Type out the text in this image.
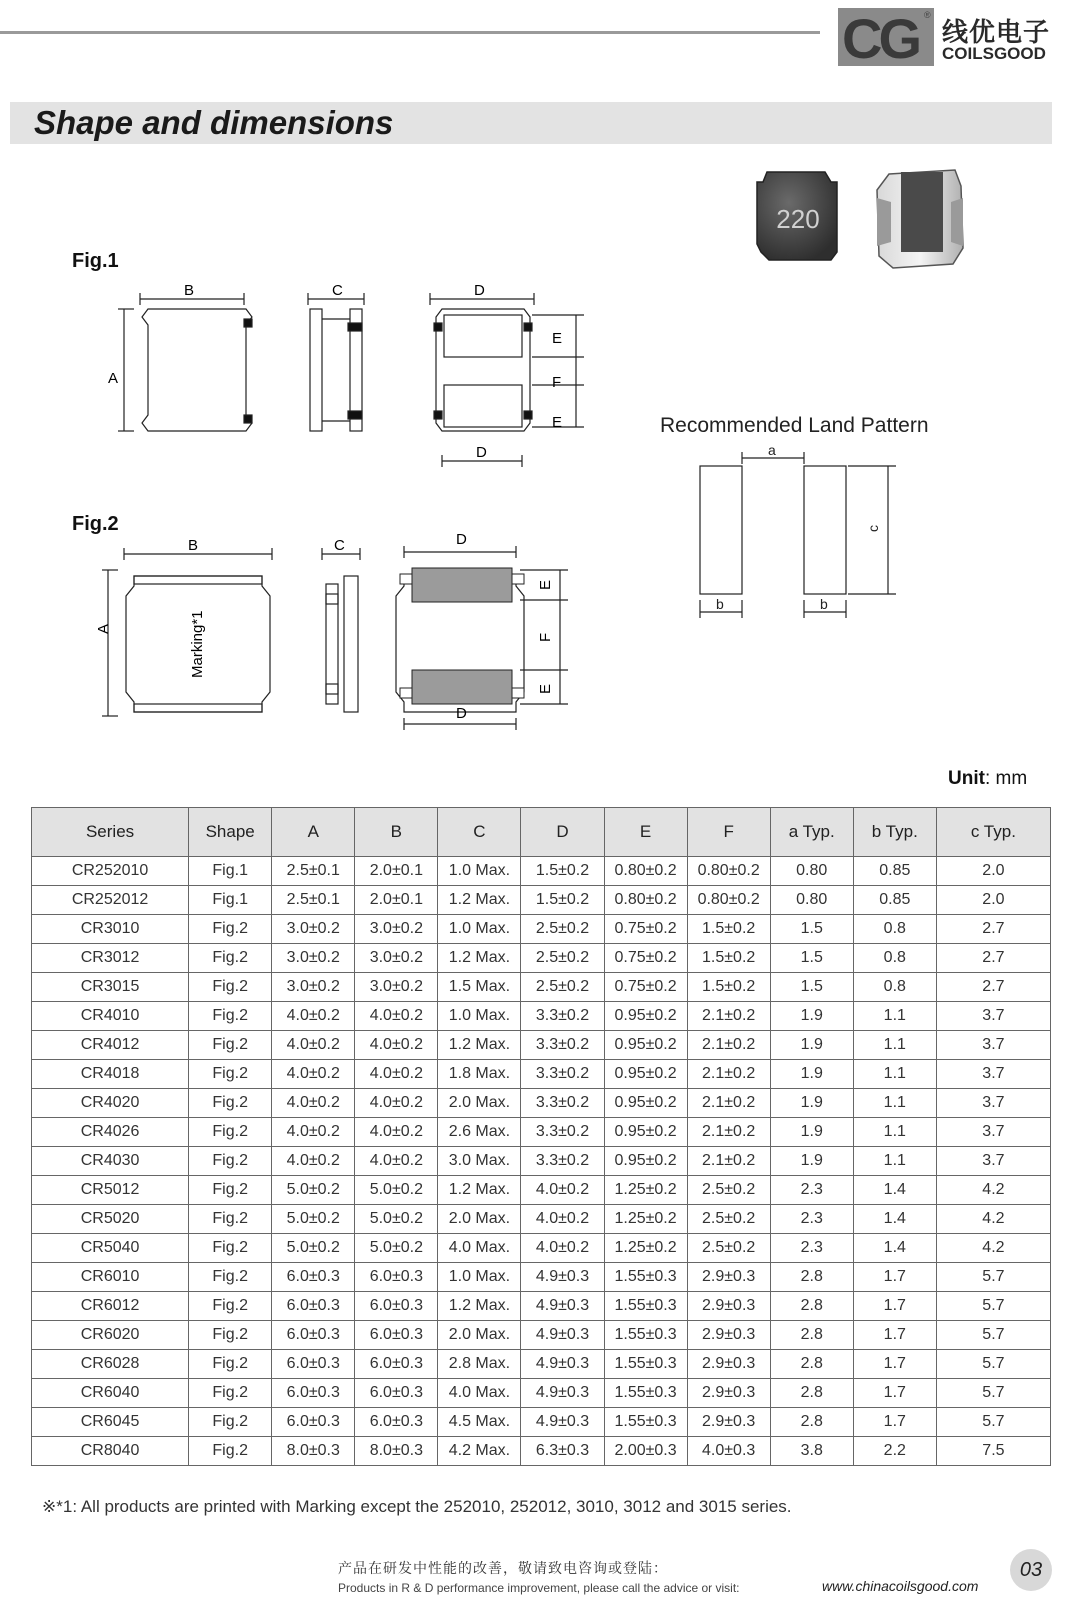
CG ®
线优电子
COILSGOOD
Shape and dimensions
220
Fig.1
Fig.2
A
B	C	D
D
E
F
E
A
B	C	D
D
Marking*1
E
F
E
Recommended Land Pattern
a
b	b
c
Unit: mm
Series	Shape	A	B	C	D	E	F	a Typ.	b Typ.	c Typ.
CR252010	Fig.1	2.5±0.1	2.0±0.1	1.0 Max.	1.5±0.2	0.80±0.2	0.80±0.2	0.80	0.85	2.0
CR252012	Fig.1	2.5±0.1	2.0±0.1	1.2 Max.	1.5±0.2	0.80±0.2	0.80±0.2	0.80	0.85	2.0
CR3010	Fig.2	3.0±0.2	3.0±0.2	1.0 Max.	2.5±0.2	0.75±0.2	1.5±0.2	1.5	0.8	2.7
CR3012	Fig.2	3.0±0.2	3.0±0.2	1.2 Max.	2.5±0.2	0.75±0.2	1.5±0.2	1.5	0.8	2.7
CR3015	Fig.2	3.0±0.2	3.0±0.2	1.5 Max.	2.5±0.2	0.75±0.2	1.5±0.2	1.5	0.8	2.7
CR4010	Fig.2	4.0±0.2	4.0±0.2	1.0 Max.	3.3±0.2	0.95±0.2	2.1±0.2	1.9	1.1	3.7
CR4012	Fig.2	4.0±0.2	4.0±0.2	1.2 Max.	3.3±0.2	0.95±0.2	2.1±0.2	1.9	1.1	3.7
CR4018	Fig.2	4.0±0.2	4.0±0.2	1.8 Max.	3.3±0.2	0.95±0.2	2.1±0.2	1.9	1.1	3.7
CR4020	Fig.2	4.0±0.2	4.0±0.2	2.0 Max.	3.3±0.2	0.95±0.2	2.1±0.2	1.9	1.1	3.7
CR4026	Fig.2	4.0±0.2	4.0±0.2	2.6 Max.	3.3±0.2	0.95±0.2	2.1±0.2	1.9	1.1	3.7
CR4030	Fig.2	4.0±0.2	4.0±0.2	3.0 Max.	3.3±0.2	0.95±0.2	2.1±0.2	1.9	1.1	3.7
CR5012	Fig.2	5.0±0.2	5.0±0.2	1.2 Max.	4.0±0.2	1.25±0.2	2.5±0.2	2.3	1.4	4.2
CR5020	Fig.2	5.0±0.2	5.0±0.2	2.0 Max.	4.0±0.2	1.25±0.2	2.5±0.2	2.3	1.4	4.2
CR5040	Fig.2	5.0±0.2	5.0±0.2	4.0 Max.	4.0±0.2	1.25±0.2	2.5±0.2	2.3	1.4	4.2
CR6010	Fig.2	6.0±0.3	6.0±0.3	1.0 Max.	4.9±0.3	1.55±0.3	2.9±0.3	2.8	1.7	5.7
CR6012	Fig.2	6.0±0.3	6.0±0.3	1.2 Max.	4.9±0.3	1.55±0.3	2.9±0.3	2.8	1.7	5.7
CR6020	Fig.2	6.0±0.3	6.0±0.3	2.0 Max.	4.9±0.3	1.55±0.3	2.9±0.3	2.8	1.7	5.7
CR6028	Fig.2	6.0±0.3	6.0±0.3	2.8 Max.	4.9±0.3	1.55±0.3	2.9±0.3	2.8	1.7	5.7
CR6040	Fig.2	6.0±0.3	6.0±0.3	4.0 Max.	4.9±0.3	1.55±0.3	2.9±0.3	2.8	1.7	5.7
CR6045	Fig.2	6.0±0.3	6.0±0.3	4.5 Max.	4.9±0.3	1.55±0.3	2.9±0.3	2.8	1.7	5.7
CR8040	Fig.2	8.0±0.3	8.0±0.3	4.2 Max.	6.3±0.3	2.00±0.3	4.0±0.3	3.8	2.2	7.5
※*1: All products are printed with Marking except the 252010, 252012, 3010, 3012 and 3015 series.
产品在研发中性能的改善，敬请致电咨询或登陆：
Products in R & D performance improvement, please call the advice or visit:	www.chinacoilsgood.com
03
